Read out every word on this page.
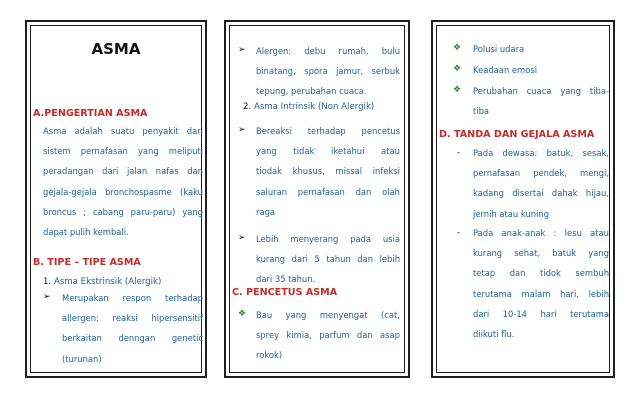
ASMA
A.PENGERTIAN ASMA
Asma adalah suatu penyakit dari
sistem pernafasan yang meliputi
peradangan dari jalan nafas dan
gejala-gejala bronchospasme (kaku
broncus ; cabang paru-paru) yang
dapat pulih kembali.
B. TIPE – TIPE ASMA
1. Asma Ekstrinsik (Alergik)
➢ Merupakan respon terhadap
allergen; reaksi hipersensitif
berkaitan denngan genetic
(turunan)
➢ Alergen: debu rumah, bulu
binatang, spora jamur, serbuk
tepung, perubahan cuaca.
2. Asma Intrinsik (Non Alergik)
➢ Bereaksi terhadap pencetus
yang tidak iketahui atau
tiodak khusus, missal infeksi
saluran pernafasan dan olah
raga
➢ Lebih menyerang pada usia
kurang dari 5 tahun dan lebih
dari 35 tahun.
C. PENCETUS ASMA
❖ Bau yang menyengat (cat,
sprey kimia, parfum dan asap
rokok)
❖ Polusi udara
❖ Keadaan emosi
❖ Perubahan cuaca yang tiba-
tiba
D. TANDA DAN GEJALA ASMA
- Pada dewasa: batuk, sesak,
pernafasan pendek, mengi,
kadang disertai dahak hijau,
jernih atau kuning
- Pada anak-anak : lesu atau
kurang sehat, batuk yang
tetap dan tidok sembuh
terutama malam hari, lebih
dari 10-14 hari terutama
diikuti flu.
